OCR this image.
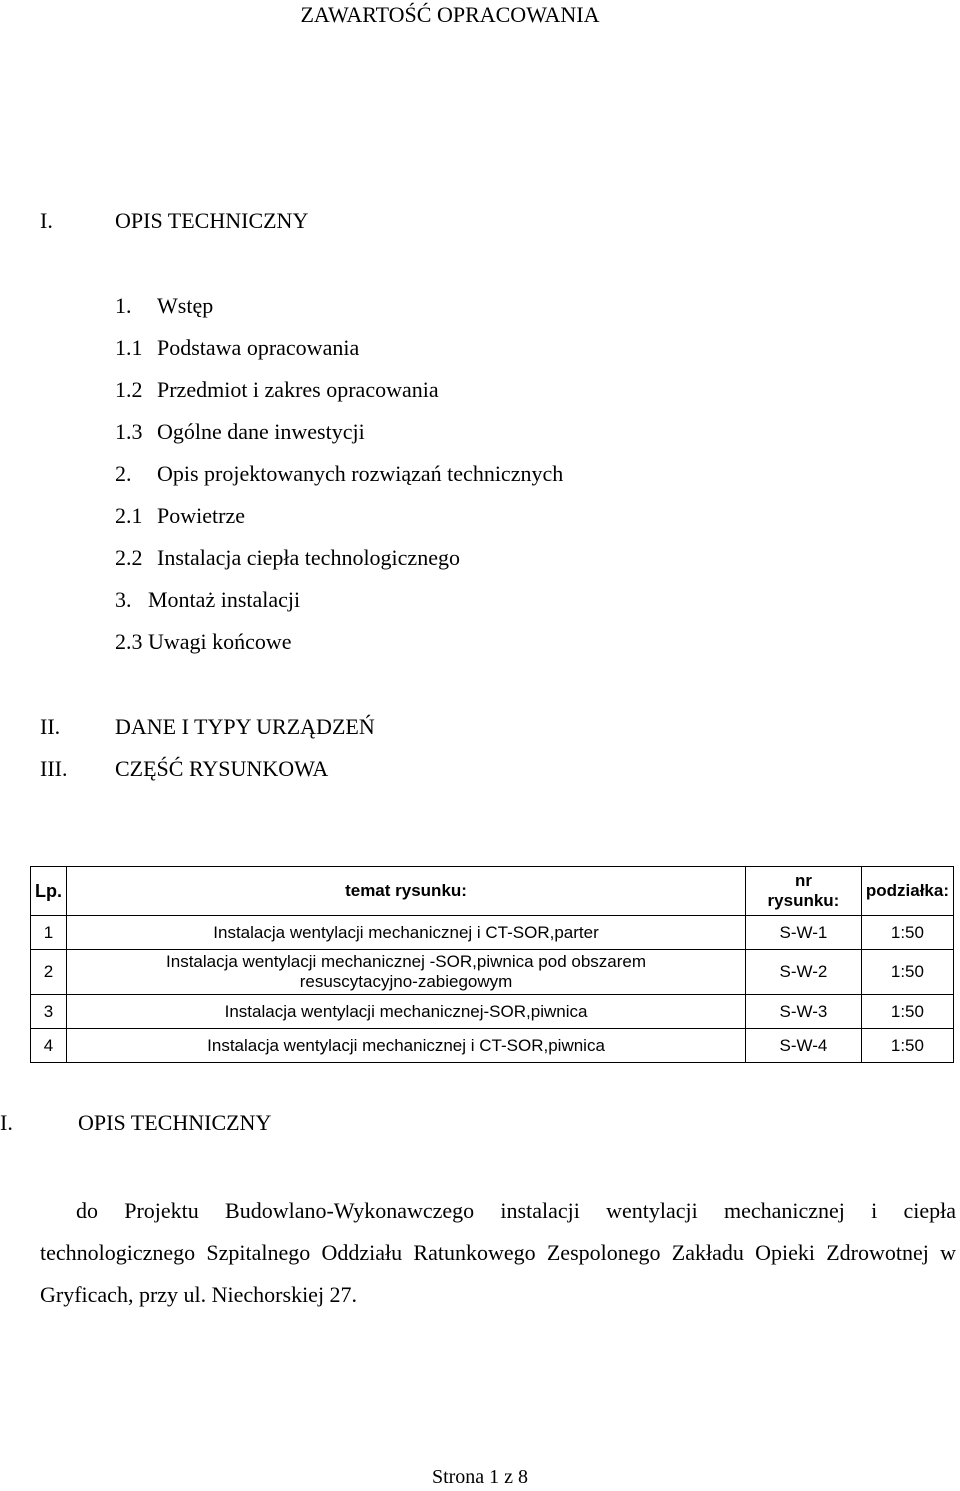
ZAWARTOŚĆ OPRACOWANIA
I.	OPIS TECHNICZNY
1. Wstęp
1.1 Podstawa opracowania
1.2 Przedmiot i zakres opracowania
1.3 Ogólne dane inwestycji
2. Opis projektowanych rozwiązań technicznych
2.1 Powietrze
2.2 Instalacja ciepła technologicznego
3. Montaż instalacji
2.3 Uwagi końcowe
II. DANE I TYPY URZĄDZEŃ
III. CZĘŚĆ RYSUNKOWA
Lp.	temat rysunku:	nr
rysunku:	podziałka:
1	Instalacja wentylacji mechanicznej i CT-SOR,parter	S-W-1	1:50
2	Instalacja wentylacji mechanicznej -SOR,piwnica pod obszarem
resuscytacyjno-zabiegowym	S-W-2	1:50
3	Instalacja wentylacji mechanicznej-SOR,piwnica	S-W-3	1:50
4	Instalacja wentylacji mechanicznej i CT-SOR,piwnica	S-W-4	1:50
I.	OPIS TECHNICZNY
do Projektu Budowlano-Wykonawczego instalacji wentylacji mechanicznej i ciepła technologicznego Szpitalnego Oddziału Ratunkowego Zespolonego Zakładu Opieki Zdrowotnej w Gryficach, przy ul. Niechorskiej 27.
Strona 1 z 8
